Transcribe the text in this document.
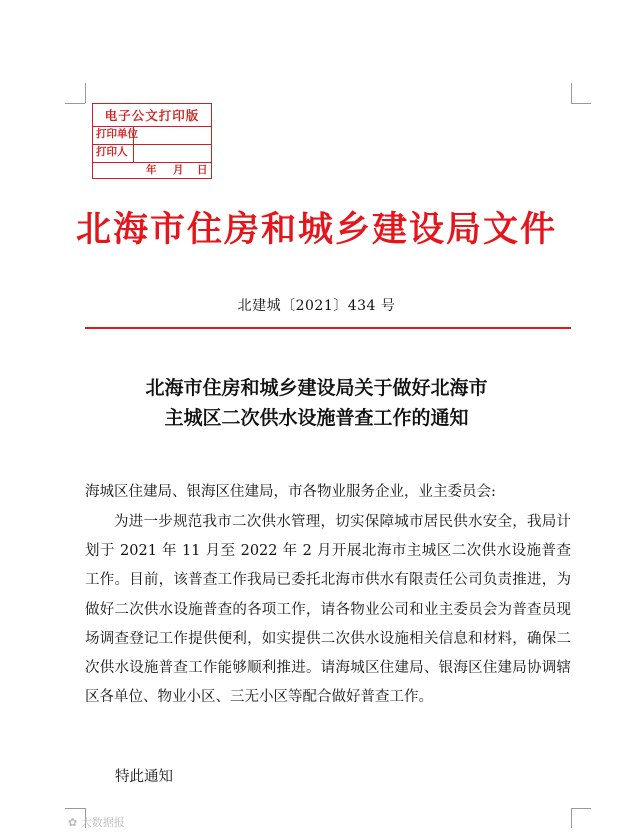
电子公文打印版
打印单位
打印人
年 月 日
北海市住房和城乡建设局文件
北建城〔2021〕434 号
北海市住房和城乡建设局关于做好北海市
主城区二次供水设施普查工作的通知
海城区住建局、银海区住建局，市各物业服务企业，业主委员会:

为进一步规范我市二次供水管理，切实保障城市居民供水安全，我局计划于 2021 年 11 月至 2022 年 2 月开展北海市主城区二次供水设施普查工作。目前，该普查工作我局已委托北海市供水有限责任公司负责推进，为做好二次供水设施普查的各项工作，请各物业公司和业主委员会为普查员现场调查登记工作提供便利，如实提供二次供水设施相关信息和材料，确保二次供水设施普查工作能够顺利推进。请海城区住建局、银海区住建局协调辖区各单位、物业小区、三无小区等配合做好普查工作。

特此通知
✿ 大数据报
